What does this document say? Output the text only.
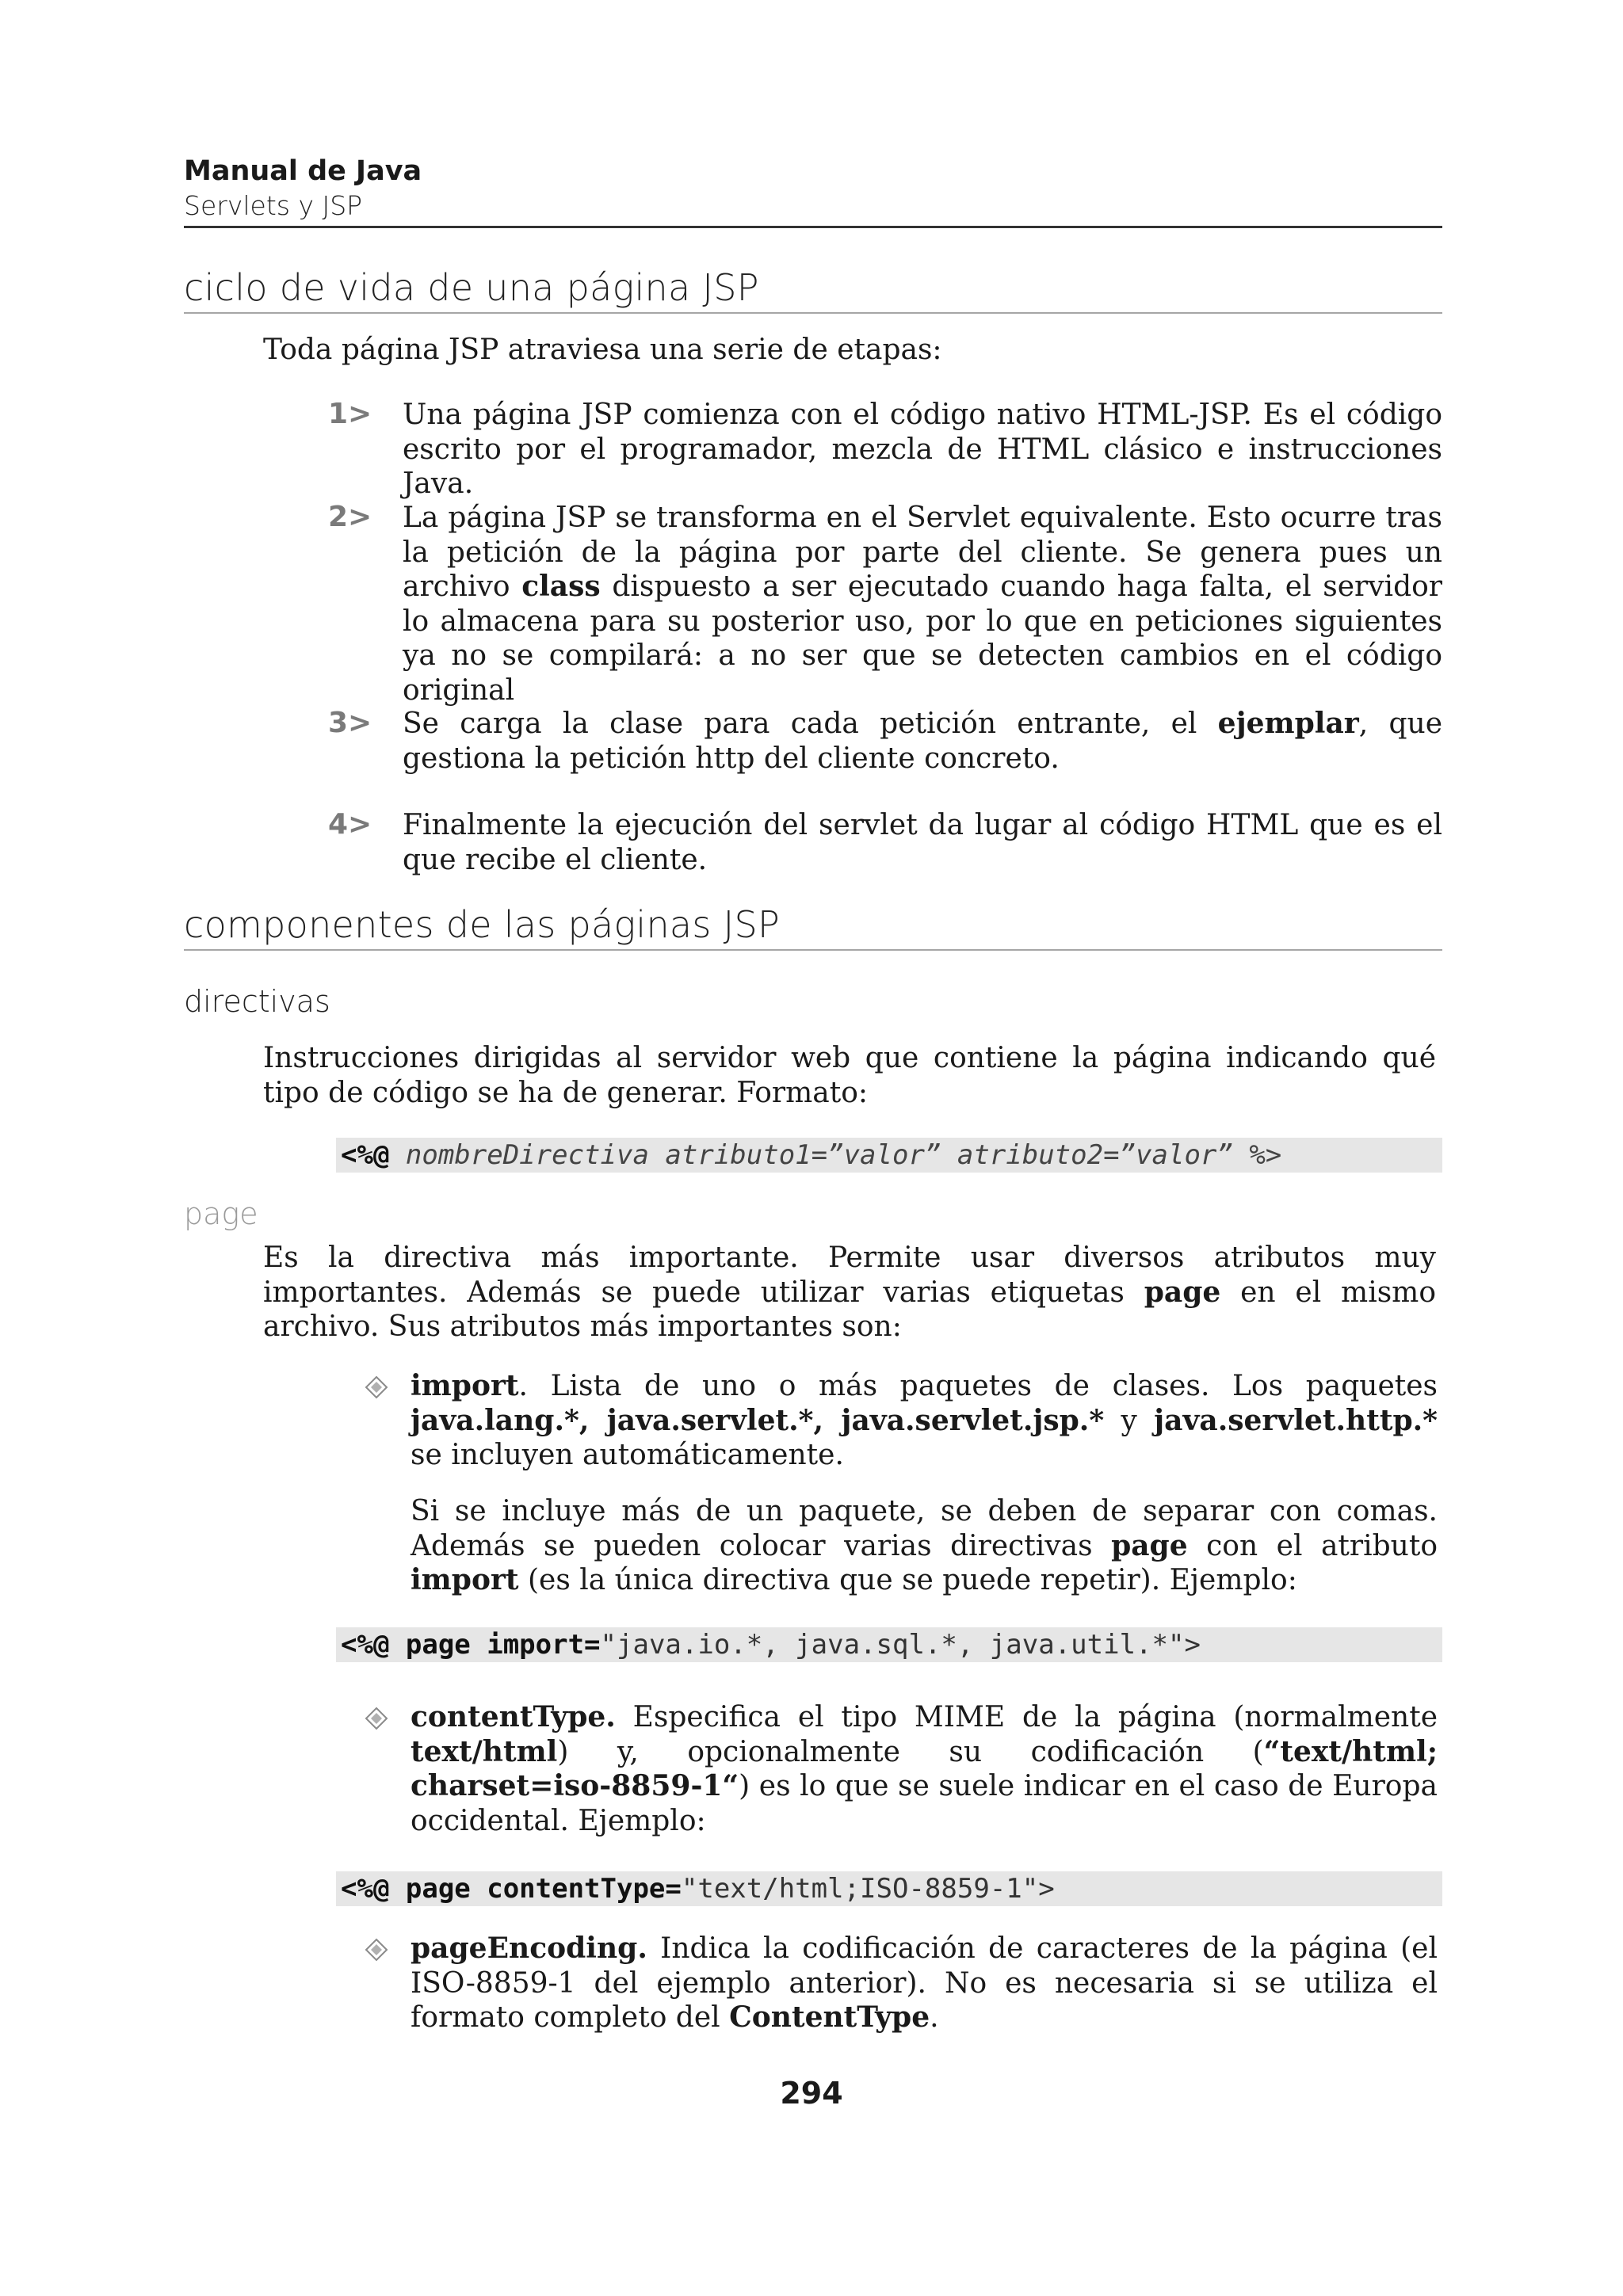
Manual de Java
Servlets y JSP
ciclo de vida de una página JSP
Toda página JSP atraviesa una serie de etapas:
1> Una página JSP comienza con el código nativo HTML-JSP. Es el código escrito por el programador, mezcla de HTML clásico e instrucciones Java.
2> La página JSP se transforma en el Servlet equivalente. Esto ocurre tras la petición de la página por parte del cliente. Se genera pues un archivo class dispuesto a ser ejecutado cuando haga falta, el servidor lo almacena para su posterior uso, por lo que en peticiones siguientes ya no se compilará: a no ser que se detecten cambios en el código original
3> Se carga la clase para cada petición entrante, el ejemplar, que gestiona la petición http del cliente concreto.
4> Finalmente la ejecución del servlet da lugar al código HTML que es el que recibe el cliente.
componentes de las páginas JSP
directivas
Instrucciones dirigidas al servidor web que contiene la página indicando qué tipo de código se ha de generar. Formato:
<%@ nombreDirectiva atributo1=”valor” atributo2=”valor” %>
page
Es la directiva más importante. Permite usar diversos atributos muy importantes. Además se puede utilizar varias etiquetas page en el mismo archivo. Sus atributos más importantes son:
import. Lista de uno o más paquetes de clases. Los paquetes java.lang.*, java.servlet.*, java.servlet.jsp.* y java.servlet.http.* se incluyen automáticamente.
Si se incluye más de un paquete, se deben de separar con comas. Además se pueden colocar varias directivas page con el atributo import (es la única directiva que se puede repetir). Ejemplo:
<%@ page import="java.io.*, java.sql.*, java.util.*">
contentType. Especifica el tipo MIME de la página (normalmente text/html) y, opcionalmente su codificación (“text/html; charset=iso-8859-1“) es lo que se suele indicar en el caso de Europa occidental. Ejemplo:
<%@ page contentType="text/html;ISO-8859-1">
pageEncoding. Indica la codificación de caracteres de la página (el ISO-8859-1 del ejemplo anterior). No es necesaria si se utiliza el formato completo del ContentType.
294
